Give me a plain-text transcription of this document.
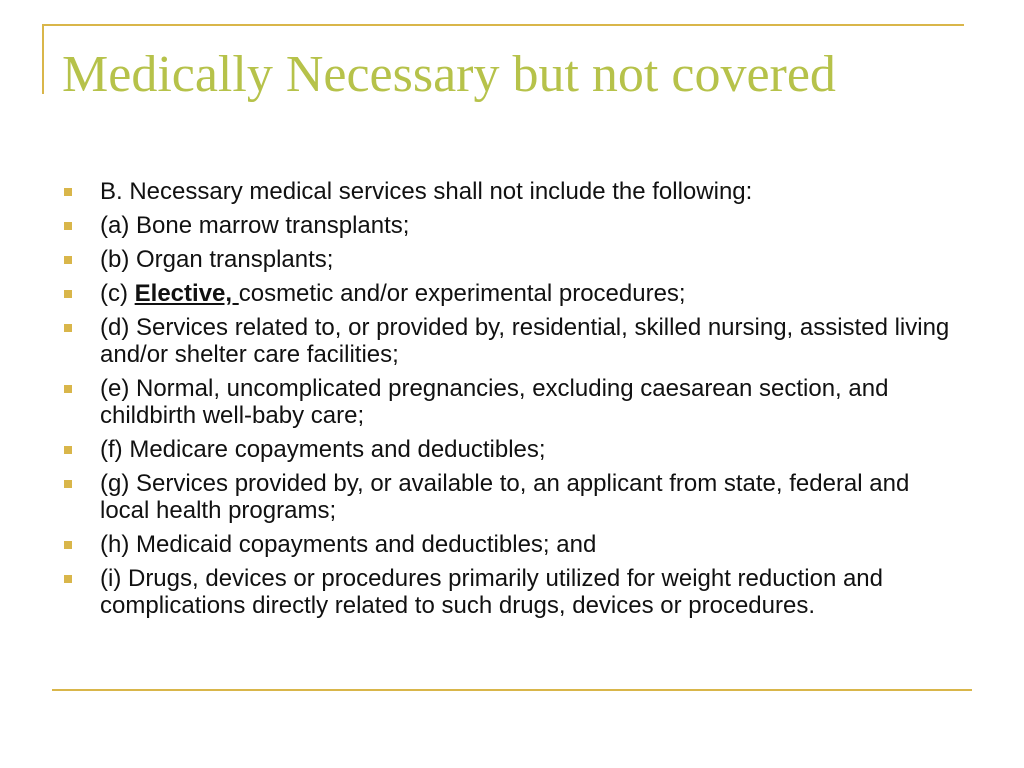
Medically Necessary but not covered
B. Necessary medical services shall not include the following:
(a) Bone marrow transplants;
(b) Organ transplants;
(c) Elective, cosmetic and/or experimental procedures;
(d) Services related to, or provided by, residential, skilled nursing, assisted living and/or shelter care facilities;
(e) Normal, uncomplicated pregnancies, excluding caesarean section, and childbirth well-baby care;
(f) Medicare copayments and deductibles;
(g) Services provided by, or available to, an applicant from state, federal and local health programs;
(h) Medicaid copayments and deductibles; and
(i) Drugs, devices or procedures primarily utilized for weight reduction and complications directly related to such drugs, devices or procedures.
